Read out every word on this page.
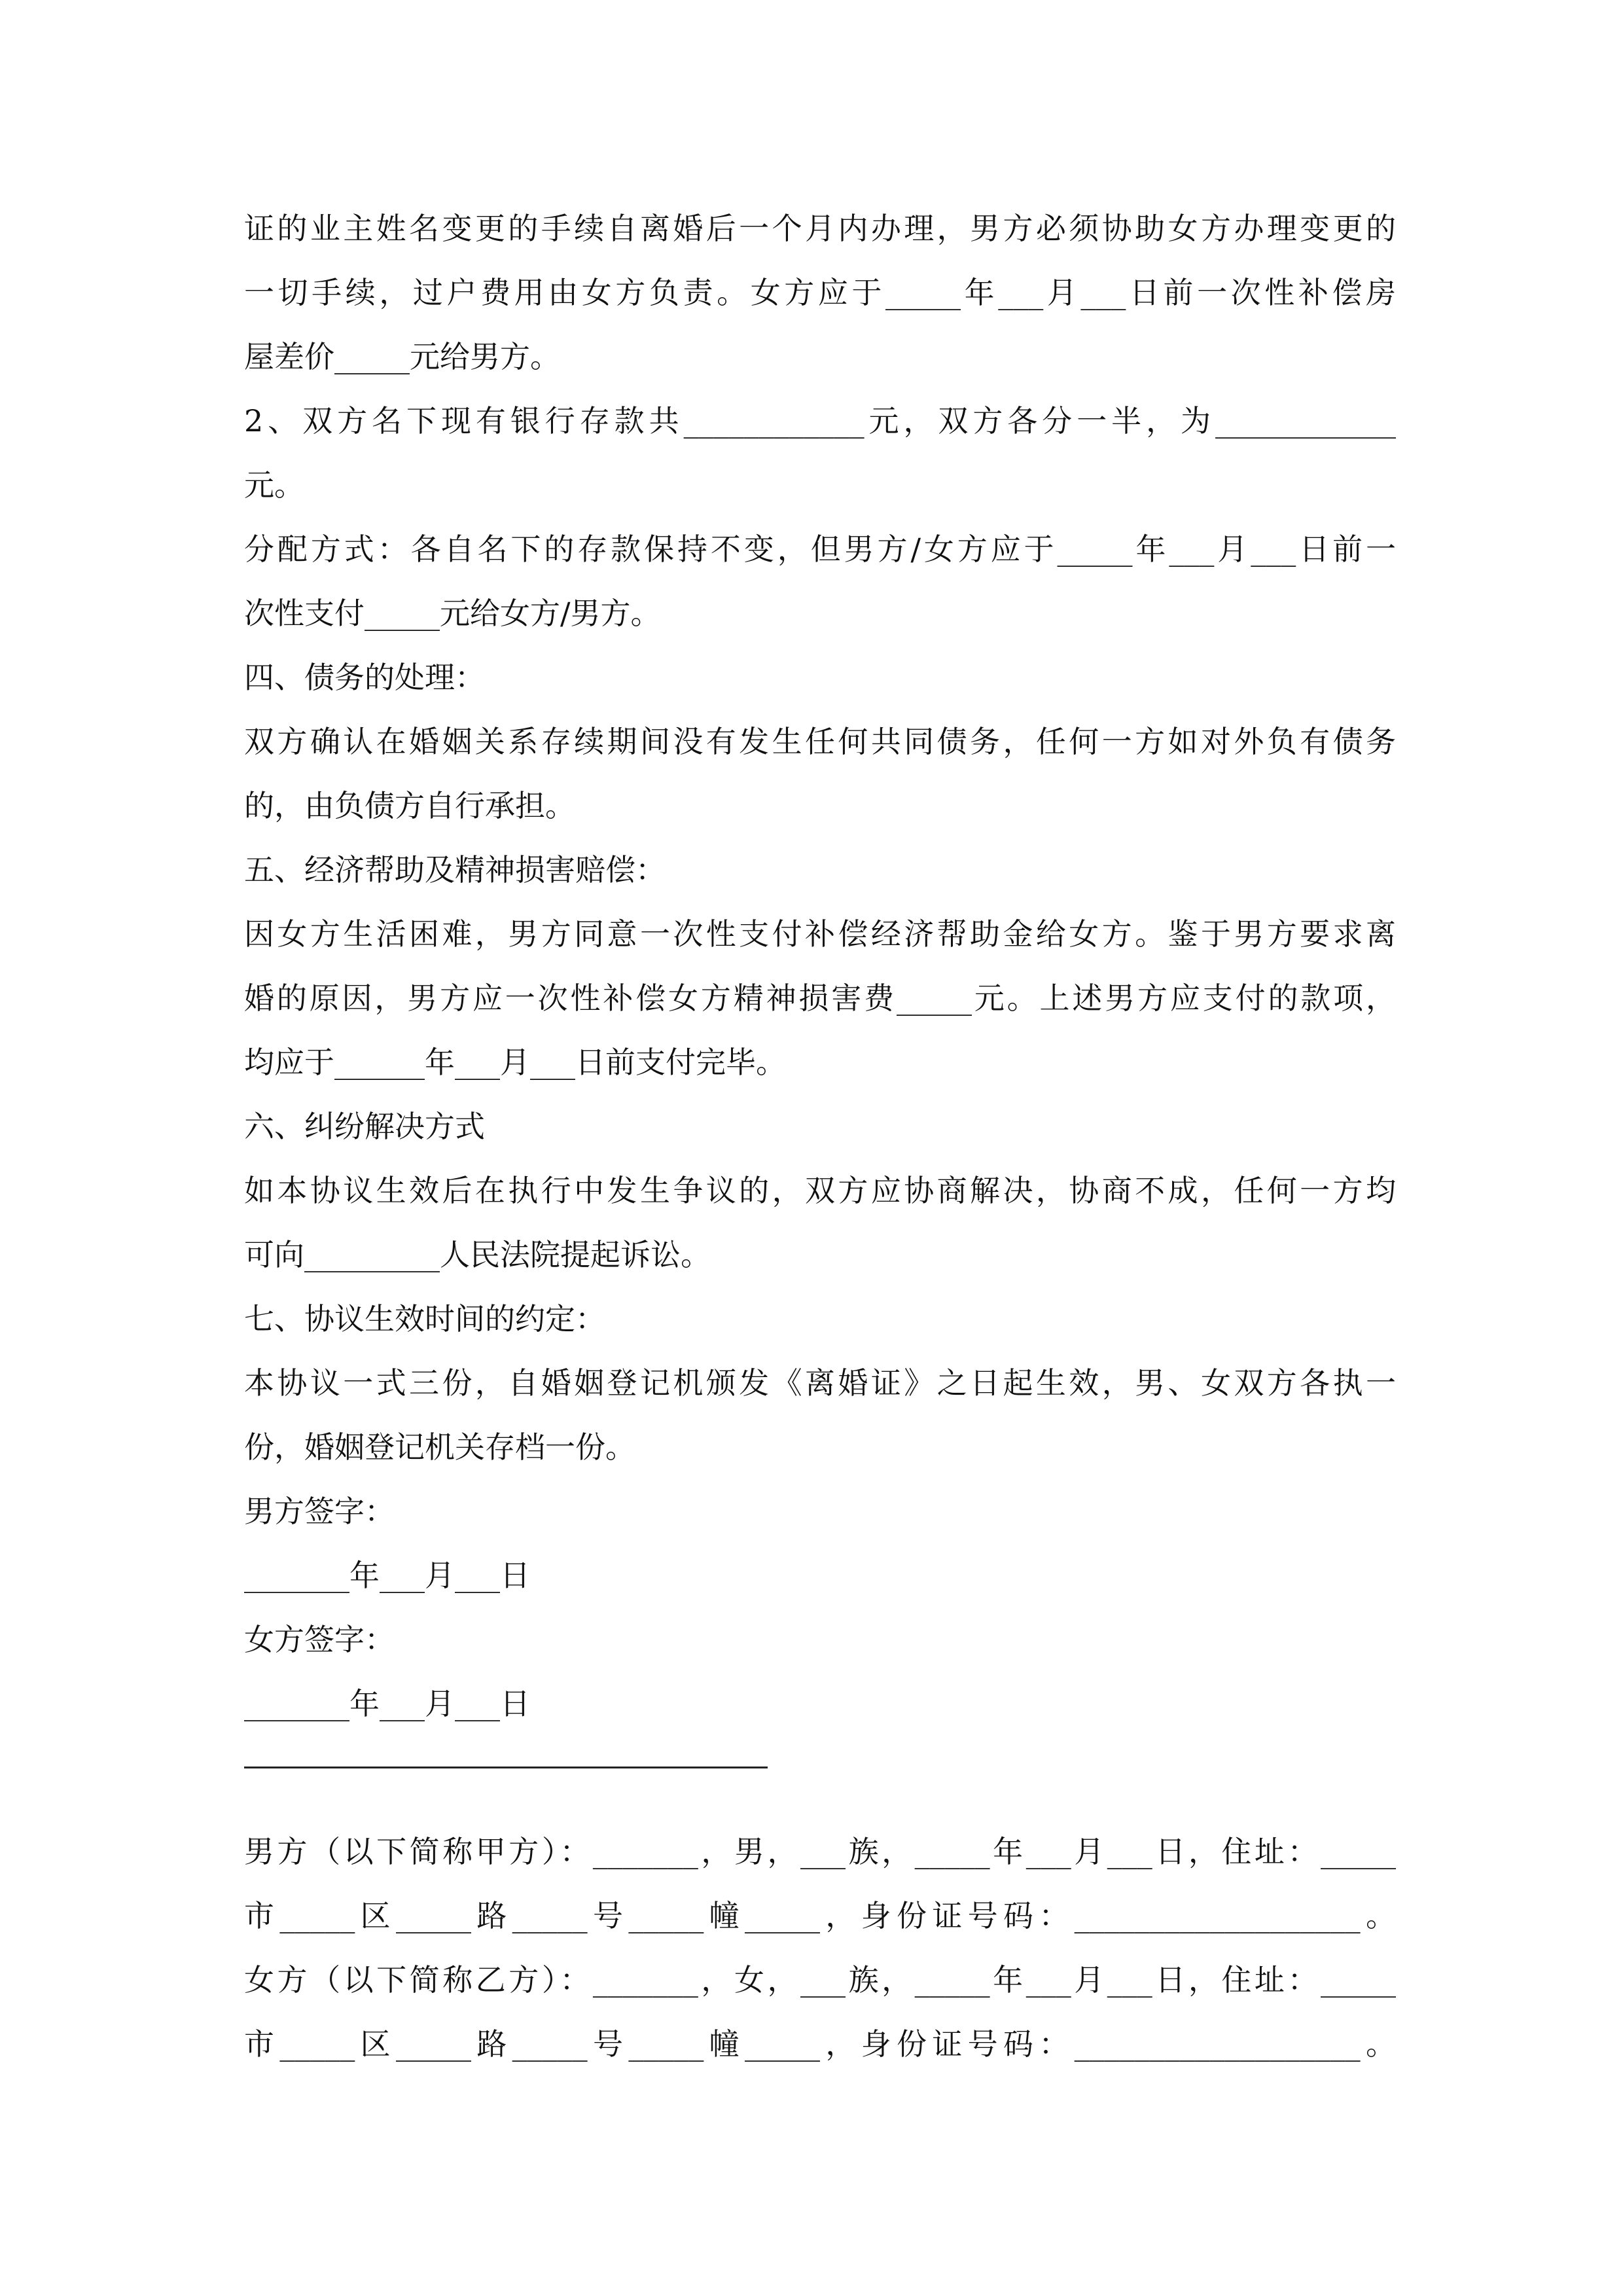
证的业主姓名变更的手续自离婚后一个月内办理，男方必须协助女方办理变更的
一切手续，过户费用由女方负责。女方应于_____年___月___日前一次性补偿房
屋差价_____元给男方。
2、双方名下现有银行存款共____________元，双方各分一半，为____________
元。
分配方式：各自名下的存款保持不变，但男方/女方应于_____年___月___日前一
次性支付_____元给女方/男方。
四、债务的处理：
双方确认在婚姻关系存续期间没有发生任何共同债务，任何一方如对外负有债务
的，由负债方自行承担。
五、经济帮助及精神损害赔偿：
因女方生活困难，男方同意一次性支付补偿经济帮助金给女方。鉴于男方要求离
婚的原因，男方应一次性补偿女方精神损害费_____元。上述男方应支付的款项，
均应于______年___月___日前支付完毕。
六、纠纷解决方式
如本协议生效后在执行中发生争议的，双方应协商解决，协商不成，任何一方均
可向_________人民法院提起诉讼。
七、协议生效时间的约定：
本协议一式三份，自婚姻登记机颁发《离婚证》之日起生效，男、女双方各执一
份，婚姻登记机关存档一份。
男方签字：
_______年___月___日
女方签字：
_______年___月___日
男方（以下简称甲方）：_______，男，___族，_____年___月___日，住址：_____
市_____区_____路_____号_____幢_____，身份证号码：___________________。
女方（以下简称乙方）：_______，女，___族，_____年___月___日，住址：_____
市_____区_____路_____号_____幢_____，身份证号码：___________________。
